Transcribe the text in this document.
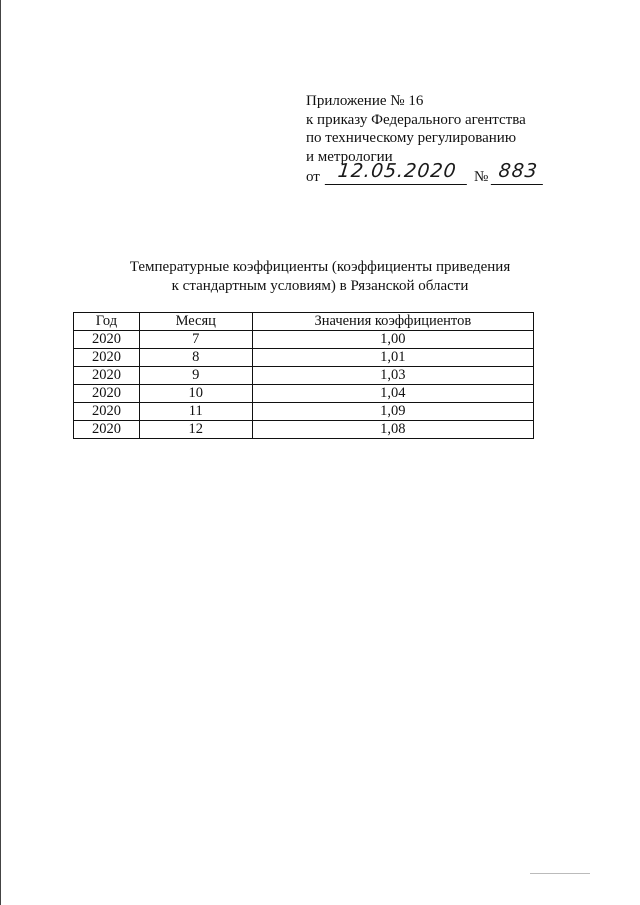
Приложение № 16
к приказу Федерального агентства
по техническому регулированию
и метрологии
от 12.05.2020	№ 883
Температурные коэффициенты (коэффициенты приведения
к стандартным условиям) в Рязанской области
Год	Месяц	Значения коэффициентов
2020	7	1,00
2020	8	1,01
2020	9	1,03
2020	10	1,04
2020	11	1,09
2020	12	1,08
